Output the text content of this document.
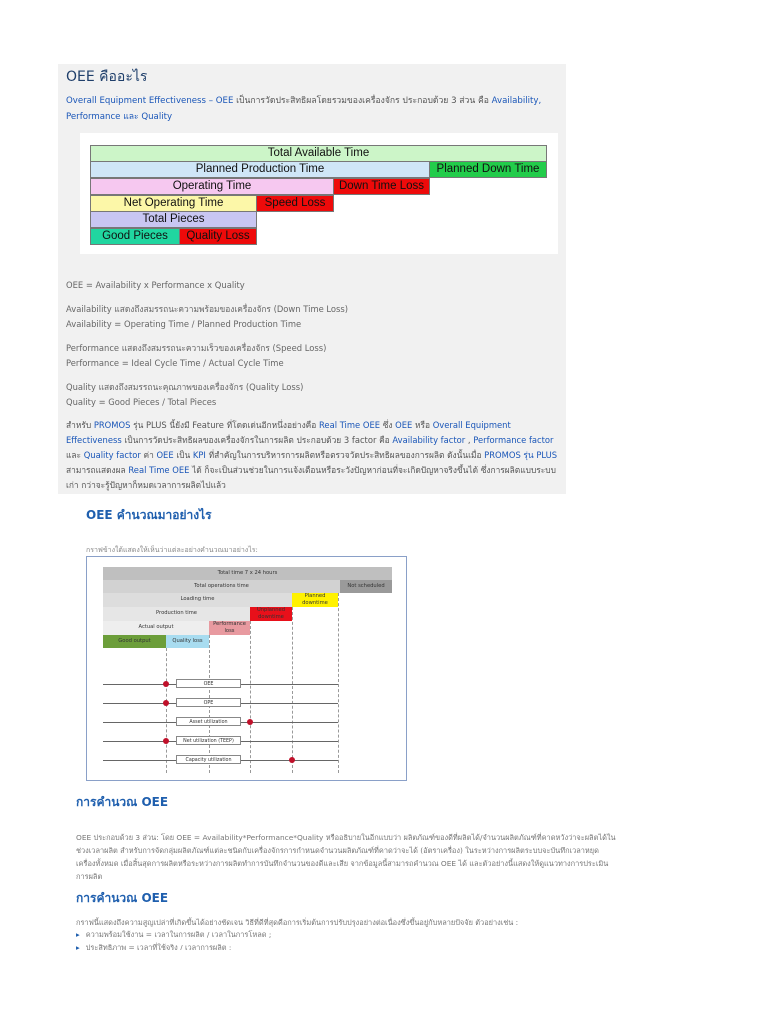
OEE คืออะไร
Overall Equipment Effectiveness – OEE เป็นการวัดประสิทธิผลโดยรวมของเครื่องจักร ประกอบด้วย 3 ส่วน คือ Availability, Performance และ Quality
Total Available Time
Planned Production Time	Planned Down Time
Operating Time	Down Time Loss
Net Operating Time	Speed Loss
Total Pieces
Good Pieces	Quality Loss
OEE = Availability x Performance x Quality
Availability แสดงถึงสมรรถนะความพร้อมของเครื่องจักร (Down Time Loss)
Availability = Operating Time / Planned Production Time
Performance แสดงถึงสมรรถนะความเร็วของเครื่องจักร (Speed Loss)
Performance = Ideal Cycle Time / Actual Cycle Time
Quality แสดงถึงสมรรถนะคุณภาพของเครื่องจักร (Quality Loss)
Quality = Good Pieces / Total Pieces
สำหรับ PROMOS รุ่น PLUS นี้ยังมี Feature ที่โดดเด่นอีกหนึ่งอย่างคือ Real Time OEE ซึ่ง OEE หรือ Overall Equipment Effectiveness เป็นการวัดประสิทธิผลของเครื่องจักรในการผลิต ประกอบด้วย 3 factor คือ Availability factor , Performance factor และ Quality factor ค่า OEE เป็น KPI ที่สำคัญในการบริหารการผลิตหรือตรวจวัดประสิทธิผลของการผลิต ดังนั้นเมื่อ PROMOS รุ่น PLUS สามารถแสดงผล Real Time OEE ได้ ก็จะเป็นส่วนช่วยในการแจ้งเตือนหรือระวังปัญหาก่อนที่จะเกิดปัญหาจริงขึ้นได้ ซึ่งการผลิตแบบระบบเก่า กว่าจะรู้ปัญหาก็หมดเวลาการผลิตไปแล้ว
OEE คำนวณมาอย่างไร
กราฟข้างใต้แสดงให้เห็นว่าแต่ละอย่างคำนวณมาอย่างไร:
Total time 7 x 24 hours
Total operations time	Not scheduled
Loading time	Planned downtime
Production time	Unplanned downtime
Actual output	Performance loss
Good output	Quality loss
OEE
OPE
Asset utilization
Net utilization (TEEP)
Capacity utilization
การคำนวณ OEE
OEE ประกอบด้วย 3 ส่วน: โดย OEE = Availability*Performance*Quality หรืออธิบายในอีกแบบว่า ผลิตภัณฑ์ของดีที่ผลิตได้/จำนวนผลิตภัณฑ์ที่คาดหวังว่าจะผลิตได้ในช่วงเวลาผลิต สำหรับการจัดกลุ่มผลิตภัณฑ์แต่ละชนิดกับเครื่องจักรการกำหนดจำนวนผลิตภัณฑ์ที่คาดว่าจะได้ (อัตราเครื่อง) ในระหว่างการผลิตระบบจะบันทึกเวลาหยุดเครื่องทั้งหมด เมื่อสิ้นสุดการผลิตหรือระหว่างการผลิตทำการบันทึกจำนวนของดีและเสีย จากข้อมูลนี้สามารถคำนวณ OEE ได้ และตัวอย่างนี้แสดงให้ดูแนวทางการประเมินการผลิต
การคำนวณ OEE
กราฟนี้แสดงถึงความสูญเปล่าที่เกิดขึ้นได้อย่างชัดเจน วิธีที่ดีที่สุดคือการเริ่มต้นการปรับปรุงอย่างต่อเนื่องซึ่งขึ้นอยู่กับหลายปัจจัย ตัวอย่างเช่น :
▸ ความพร้อมใช้งาน = เวลาในการผลิต / เวลาในการโหลด ;
▸ ประสิทธิภาพ = เวลาที่ใช้จริง / เวลาการผลิต ;
